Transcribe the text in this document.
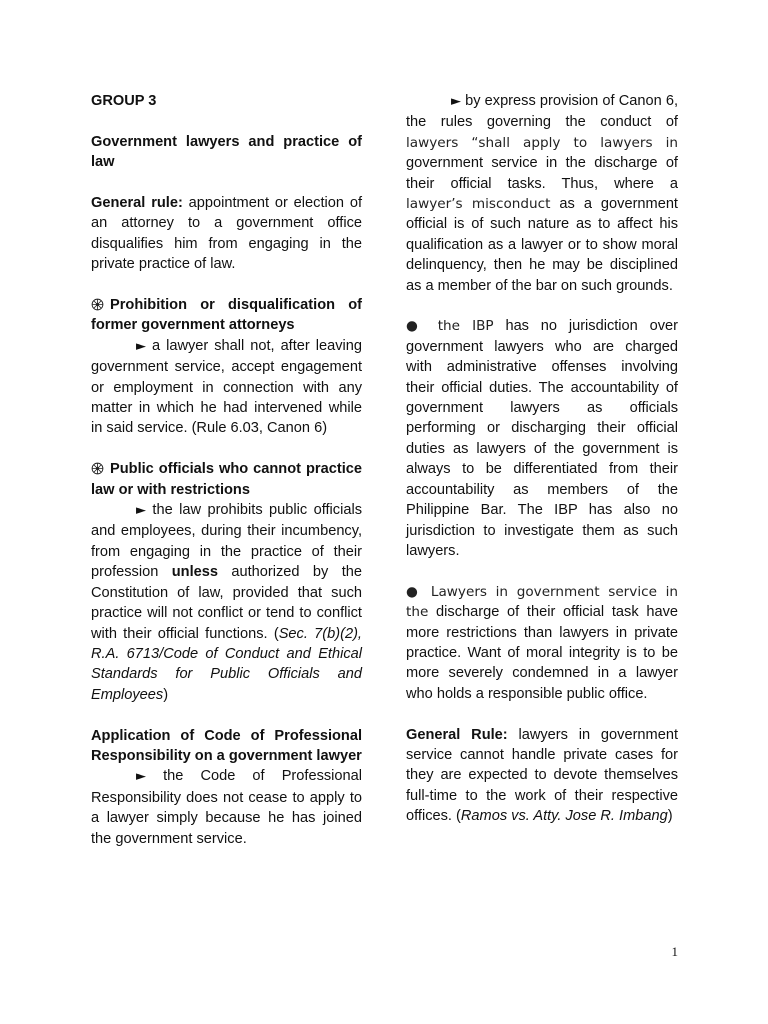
GROUP 3

Government lawyers and practice of law

General rule: appointment or election of an attorney to a government office disqualifies him from engaging in the private practice of law.

Prohibition or disqualification of former government attorneys

► a lawyer shall not, after leaving government service, accept engagement or employment in connection with any matter in which he had intervened while in said service. (Rule 6.03, Canon 6)

Public officials who cannot practice law or with restrictions

► the law prohibits public officials and employees, during their incumbency, from engaging in the practice of their profession unless authorized by the Constitution of law, provided that such practice will not conflict or tend to conflict with their official functions. (Sec. 7(b)(2), R.A. 6713/Code of Conduct and Ethical Standards for Public Officials and Employees)

Application of Code of Professional Responsibility on a government lawyer

► the Code of Professional Responsibility does not cease to apply to a lawyer simply because he has joined the government service.

► by express provision of Canon 6, the rules governing the conduct of lawyers “shall apply to lawyers in government service in the discharge of their official tasks. Thus, where a lawyer’s misconduct as a government official is of such nature as to affect his qualification as a lawyer or to show moral delinquency, then he may be disciplined as a member of the bar on such grounds.

● the IBP has no jurisdiction over government lawyers who are charged with administrative offenses involving their official duties. The accountability of government lawyers as officials performing or discharging their official duties as lawyers of the government is always to be differentiated from their accountability as members of the Philippine Bar. The IBP has also no jurisdiction to investigate them as such lawyers.

● Lawyers in government service in the discharge of their official task have more restrictions than lawyers in private practice. Want of moral integrity is to be more severely condemned in a lawyer who holds a responsible public office.

General Rule: lawyers in government service cannot handle private cases for they are expected to devote themselves full-time to the work of their respective offices. (Ramos vs. Atty. Jose R. Imbang)

1
